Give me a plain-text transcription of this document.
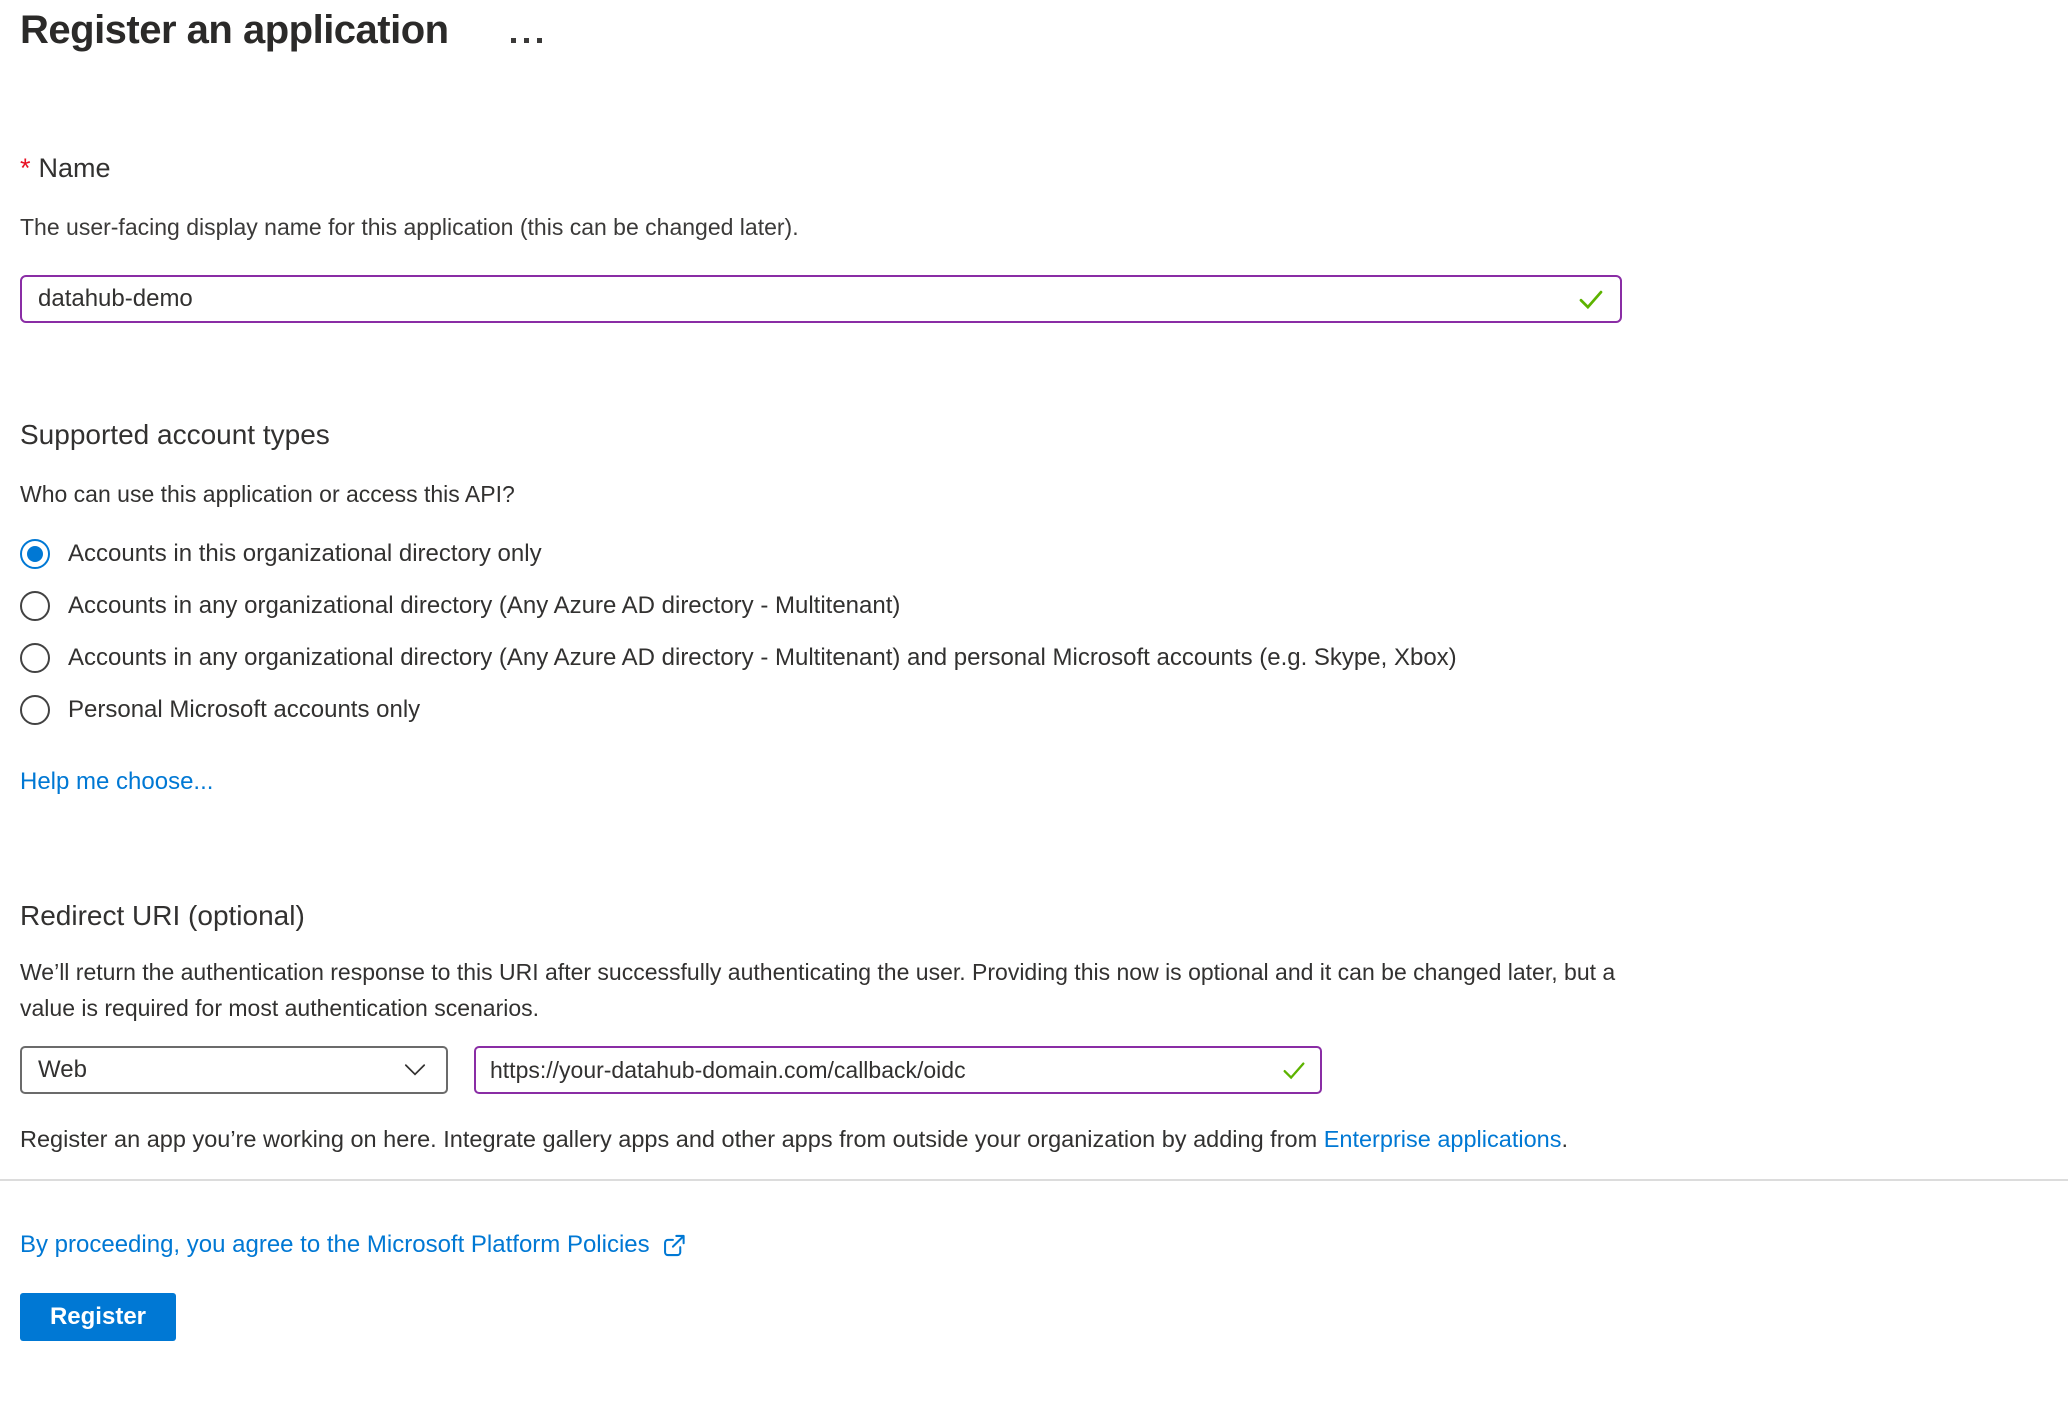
Register an application
* Name
The user-facing display name for this application (this can be changed later).
datahub-demo
Supported account types
Who can use this application or access this API?
Accounts in this organizational directory only
Accounts in any organizational directory (Any Azure AD directory - Multitenant)
Accounts in any organizational directory (Any Azure AD directory - Multitenant) and personal Microsoft accounts (e.g. Skype, Xbox)
Personal Microsoft accounts only
Help me choose...
Redirect URI (optional)
We’ll return the authentication response to this URI after successfully authenticating the user. Providing this now is optional and it can be changed later, but a value is required for most authentication scenarios.
Web
https://your-datahub-domain.com/callback/oidc
Register an app you’re working on here. Integrate gallery apps and other apps from outside your organization by adding from Enterprise applications.
By proceeding, you agree to the Microsoft Platform Policies
Register
